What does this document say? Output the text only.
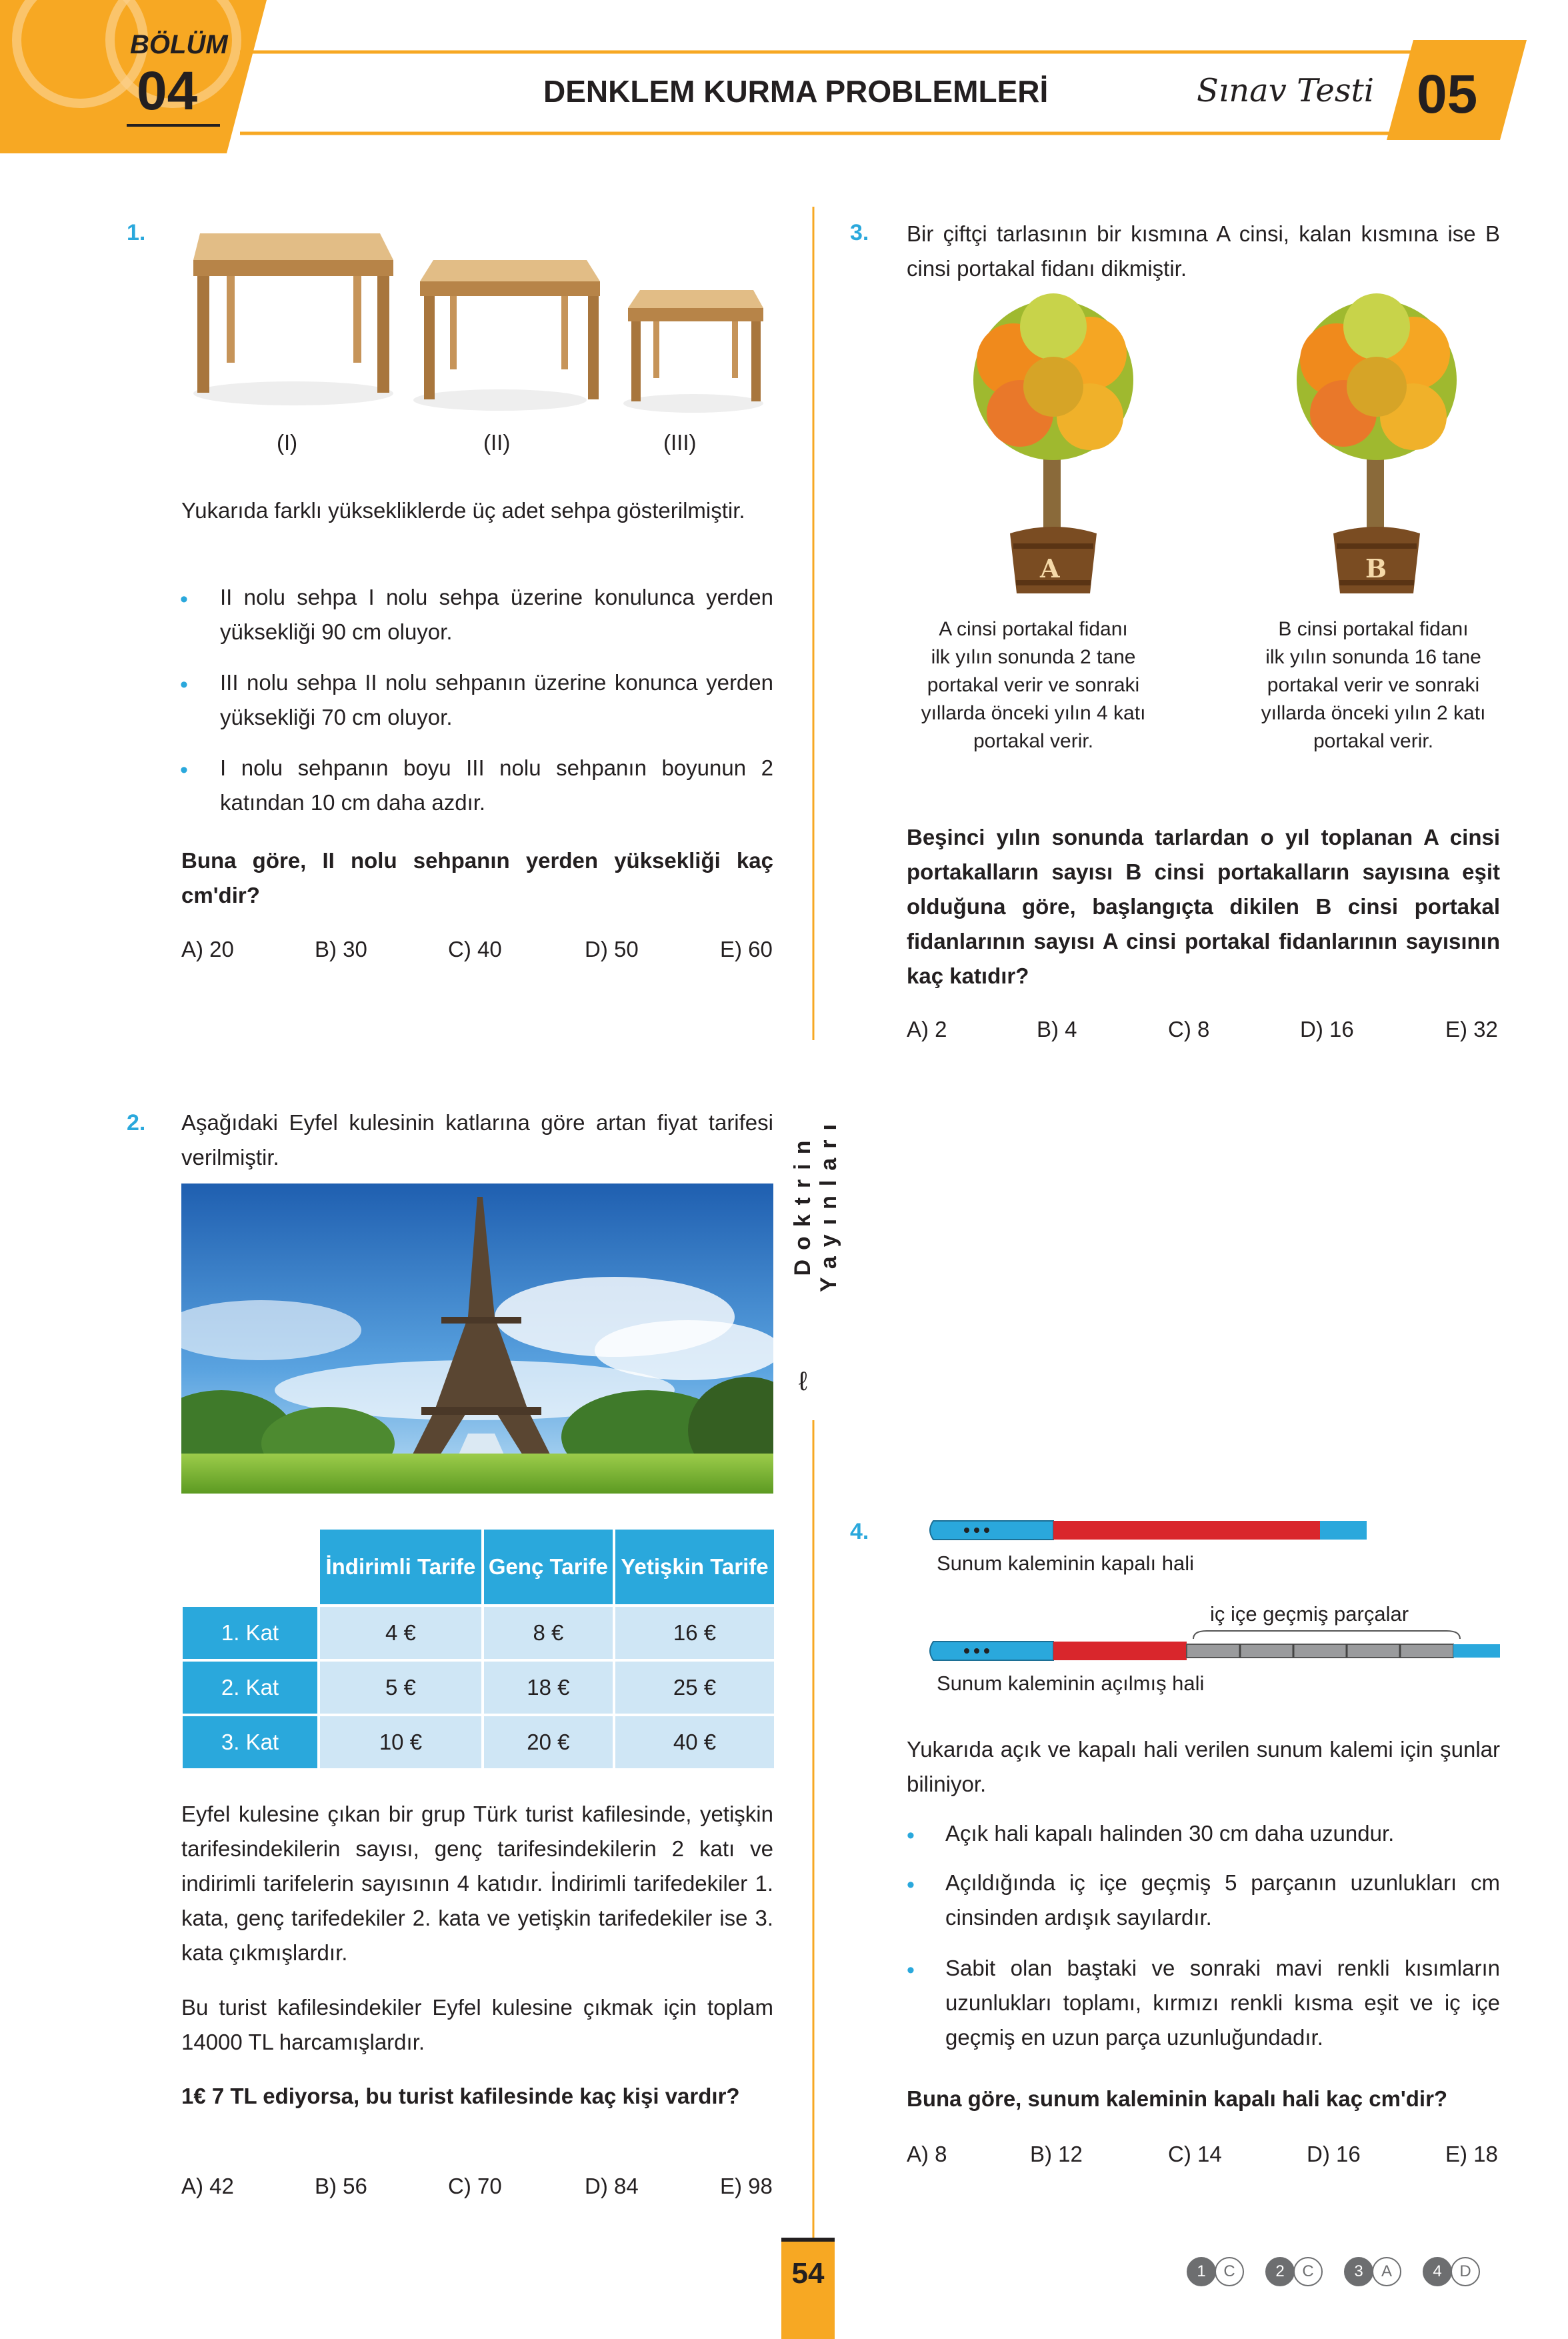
BÖLÜM
04	DENKLEM KURMA PROBLEMLERİ	Sınav Testi 05
Doktrin Yayınları
ℓ
1.
(I)	(II)	(III)
Yukarıda farklı yüksekliklerde üç adet sehpa gösterilmiştir.
• II nolu sehpa I nolu sehpa üzerine konulunca yerden yüksekliği 90 cm oluyor.
• III nolu sehpa II nolu sehpanın üzerine konunca yerden yüksekliği 70 cm oluyor.
• I nolu sehpanın boyu III nolu sehpanın boyunun 2 katından 10 cm daha azdır.
Buna göre, II nolu sehpanın yerden yüksekliği kaç cm'dir?
A) 20	B) 30	C) 40	D) 50	E) 60
2. Aşağıdaki Eyfel kulesinin katlarına göre artan fiyat tarifesi verilmiştir.
	İndirimli Tarife	Genç Tarife	Yetişkin Tarife
1. Kat	4 €	8 €	16 €
2. Kat	5 €	18 €	25 €
3. Kat	10 €	20 €	40 €
Eyfel kulesine çıkan bir grup Türk turist kafilesinde, yetişkin tarifesindekilerin sayısı, genç tarifesindekilerin 2 katı ve indirimli tarifelerin sayısının 4 katıdır. İndirimli tarifedekiler 1. kata, genç tarifedekiler 2. kata ve yetişkin tarifedekiler ise 3. kata çıkmışlardır.
Bu turist kafilesindekiler Eyfel kulesine çıkmak için toplam 14000 TL harcamışlardır.
1€ 7 TL ediyorsa, bu turist kafilesinde kaç kişi vardır?
A) 42	B) 56	C) 70	D) 84	E) 98
3. Bir çiftçi tarlasının bir kısmına A cinsi, kalan kısmına ise B cinsi portakal fidanı dikmiştir.
A	B
A cinsi portakal fidanı
ilk yılın sonunda 2 tane
portakal verir ve sonraki
yıllarda önceki yılın 4 katı
portakal verir.
B cinsi portakal fidanı
ilk yılın sonunda 16 tane
portakal verir ve sonraki
yıllarda önceki yılın 2 katı
portakal verir.
Beşinci yılın sonunda tarlardan o yıl toplanan A cinsi portakalların sayısı B cinsi portakalların sayısına eşit olduğuna göre, başlangıçta dikilen B cinsi portakal fidanlarının sayısı A cinsi portakal fidanlarının sayısının kaç katıdır?
A) 2	B) 4	C) 8	D) 16	E) 32
4.
Sunum kaleminin kapalı hali
iç içe geçmiş parçalar
Sunum kaleminin açılmış hali
Yukarıda açık ve kapalı hali verilen sunum kalemi için şunlar biliniyor.
• Açık hali kapalı halinden 30 cm daha uzundur.
• Açıldığında iç içe geçmiş 5 parçanın uzunlukları cm cinsinden ardışık sayılardır.
• Sabit olan baştaki ve sonraki mavi renkli kısımların uzunlukları toplamı, kırmızı renkli kısma eşit ve iç içe geçmiş en uzun parça uzunluğundadır.
Buna göre, sunum kaleminin kapalı hali kaç cm'dir?
A) 8	B) 12	C) 14	D) 16	E) 18
54	1	C	2	C	3	A	4	D
